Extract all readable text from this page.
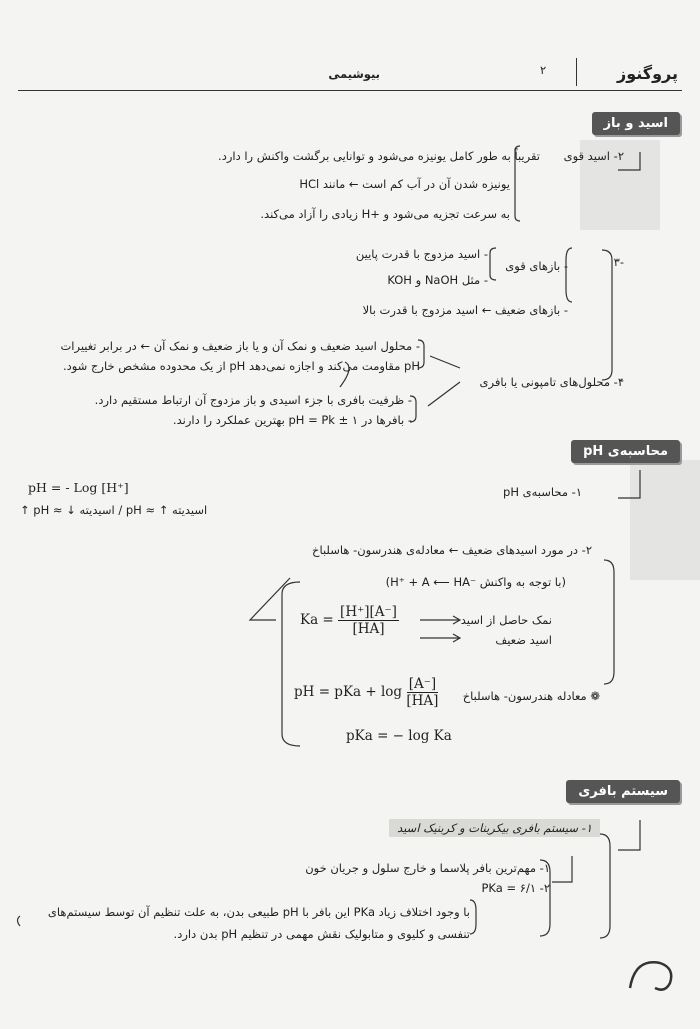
پروگنوز
۲
بیوشیمی
اسید و باز
۲- اسید قوی
تقریباً به طور کامل یونیزه می‌شود و توانایی برگشت واکنش را دارد.
یونیزه شدن آن در آب کم است ← مانند HCl
به سرعت تجزیه می‌شود و +H زیادی را آزاد می‌کند.
-۳
- بازهای قوی
- اسید مزدوج با قدرت پایین
- مثل NaOH و KOH
- بازهای ضعیف ← اسید مزدوج با قدرت بالا
۴- محلول‌های تامپونی یا بافری
- محلول اسید ضعیف و نمک آن و یا باز ضعیف و نمک آن ← در برابر تغییرات
pH مقاومت می‌کند و اجازه نمی‌دهد pH از یک محدوده مشخص خارج شود.
- ظرفیت بافری با جزء اسیدی و باز مزدوج آن ارتباط مستقیم دارد.
- بافرها در pH = Pk ± ۱ بهترین عملکرد را دارند.
محاسبه‌ی pH
۱- محاسبه‌ی pH
pH = - Log [H⁺]
↑ pH ≈ ↓ اسیدیته / pH ≈ ↑ اسیدیته
۲- در مورد اسیدهای ضعیف ← معادله‌ی هندرسون- هاسلباخ
(با توجه به واکنش ⁻H⁺ + A ⟵ HA)
$Ka = \frac{[H^+][A^-]}{[HA]}$	نمک حاصل از اسید
اسید ضعیف
pH = pKa + $\log \frac{[A^-]}{[HA]}$ ❁ معادله هندرسون- هاسلباخ
pKa = − log Ka
سیستم بافری
۱- سیستم بافری بیکربنات و کربنیک اسید
۱- مهم‌ترین بافر پلاسما و خارج سلول و جریان خون
۲- PKa = ۶/۱
با وجود اختلاف زیاد PKa این بافر با pH طبیعی بدن، به علت تنظیم آن توسط سیستم‌های
تنفسی و کلیوی و متابولیک نقش مهمی در تنظیم pH بدن دارد.
